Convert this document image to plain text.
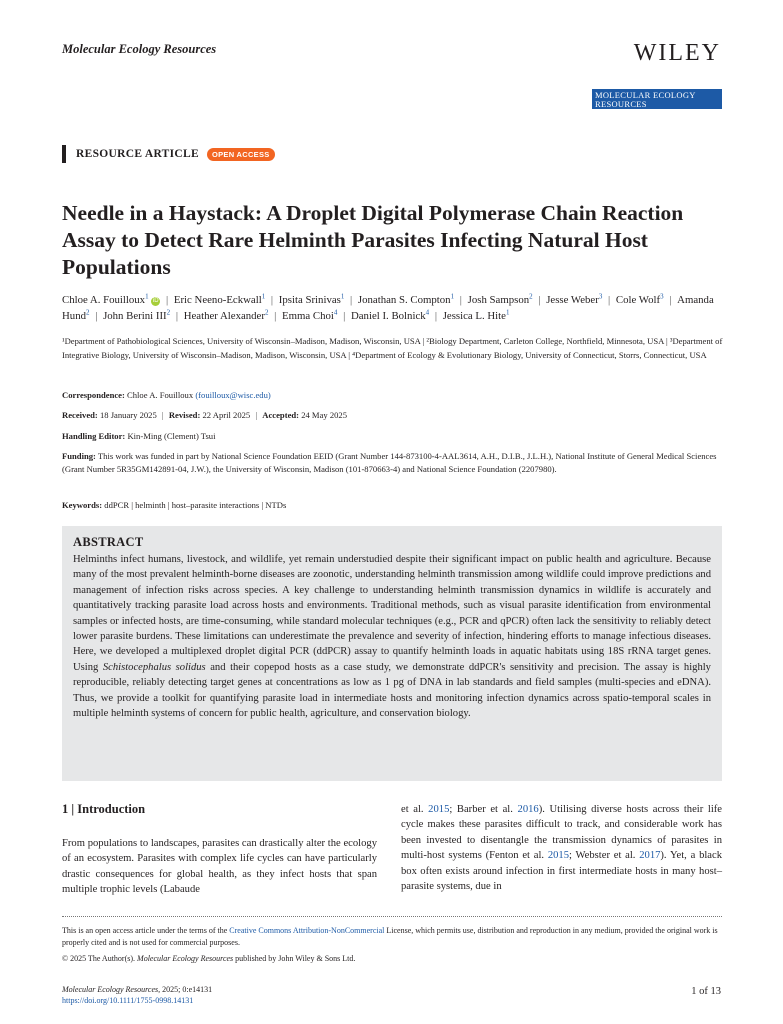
Molecular Ecology Resources	WILEY
MOLECULAR ECOLOGY
RESOURCES
RESOURCE ARTICLE	OPEN ACCESS
Needle in a Haystack: A Droplet Digital Polymerase Chain Reaction Assay to Detect Rare Helminth Parasites Infecting Natural Host Populations
Chloe A. Fouilloux$^1$ iD | Eric Neeno-Eckwall$^1$ | Ipsita Srinivas$^1$ | Jonathan S. Compton$^1$ | Josh Sampson$^2$ | Jesse Weber$^3$ | Cole Wolf$^3$ | Amanda Hund$^2$ | John Berini III$^2$ | Heather Alexander$^2$ | Emma Choi$^4$ | Daniel I. Bolnick$^4$ | Jessica L. Hite$^1$
¹Department of Pathobiological Sciences, University of Wisconsin–Madison, Madison, Wisconsin, USA | ²Biology Department, Carleton College, Northfield, Minnesota, USA | ³Department of Integrative Biology, University of Wisconsin–Madison, Madison, Wisconsin, USA | ⁴Department of Ecology & Evolutionary Biology, University of Connecticut, Storrs, Connecticut, USA
Correspondence: Chloe A. Fouilloux (fouilloux@wisc.edu)
Received: 18 January 2025 | Revised: 22 April 2025 | Accepted: 24 May 2025
Handling Editor: Kin-Ming (Clement) Tsui
Funding: This work was funded in part by National Science Foundation EEID (Grant Number 144-873100-4-AAL3614, A.H., D.I.B., J.L.H.), National Institute of General Medical Sciences (Grant Number 5R35GM142891-04, J.W.), the University of Wisconsin, Madison (101-870663-4) and National Science Foundation (2207980).
Keywords: ddPCR | helminth | host–parasite interactions | NTDs
ABSTRACT

Helminths infect humans, livestock, and wildlife, yet remain understudied despite their significant impact on public health and agriculture. Because many of the most prevalent helminth-borne diseases are zoonotic, understanding helminth transmission among wildlife could improve predictions and management of infection risks across species. A key challenge to understanding helminth transmission dynamics in wildlife is accurately and quantitatively tracking parasite load across hosts and environments. Traditional methods, such as visual parasite identification from environmental samples or infected hosts, are time-consuming, while standard molecular techniques (e.g., PCR and qPCR) often lack the sensitivity to reliably detect lower parasite burdens. These limitations can underestimate the prevalence and severity of infection, hindering efforts to manage infectious diseases. Here, we developed a multiplexed droplet digital PCR (ddPCR) assay to quantify helminth loads in aquatic habitats using 18S rRNA target genes. Using Schistocephalus solidus and their copepod hosts as a case study, we demonstrate ddPCR's sensitivity and precision. The assay is highly reproducible, reliably detecting target genes at concentrations as low as 1 pg of DNA in lab standards and field samples (multi-species and eDNA). Thus, we provide a toolkit for quantifying parasite load in intermediate hosts and monitoring infection dynamics across spatio-temporal scales in multiple helminth systems of concern for public health, agriculture, and conservation biology.

1 | Introduction

From populations to landscapes, parasites can drastically alter the ecology of an ecosystem. Parasites with complex life cycles can have particularly drastic consequences for global health, as they infect hosts that span multiple trophic levels (Labaude

et al. 2015; Barber et al. 2016). Utilising diverse hosts across their life cycle makes these parasites difficult to track, and considerable work has been invested to disentangle the transmission dynamics of parasites in multi-host systems (Fenton et al. 2015; Webster et al. 2017). Yet, a black box often exists around infection in first intermediate hosts in many host–parasite systems, due in

This is an open access article under the terms of the Creative Commons Attribution-NonCommercial License, which permits use, distribution and reproduction in any medium, provided the original work is properly cited and is not used for commercial purposes.

© 2025 The Author(s). Molecular Ecology Resources published by John Wiley & Sons Ltd.

Molecular Ecology Resources, 2025; 0:e14131
https://doi.org/10.1111/1755-0998.14131
1 of 13
